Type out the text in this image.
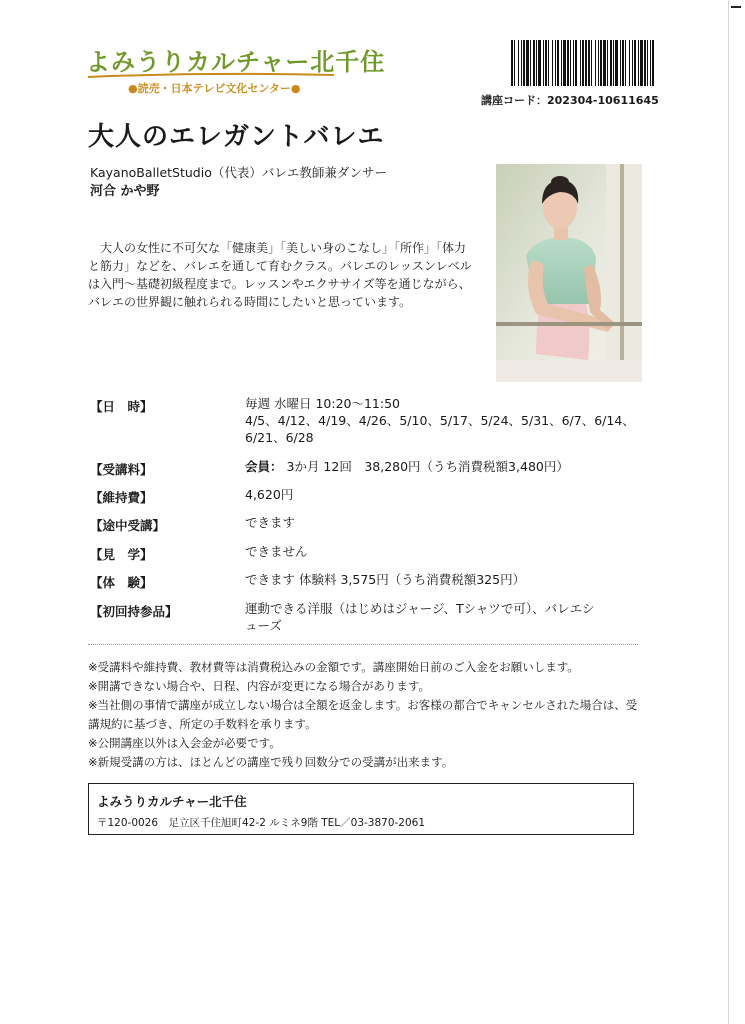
よみうりカルチャー北千住
●読売・日本テレビ文化センター●
講座コード：202304-10611645
大人のエレガントバレエ
KayanoBalletStudio（代表）バレエ教師兼ダンサー
河合 かや野

大人の女性に不可欠な「健康美」「美しい身のこなし」「所作」「体力と筋力」などを、バレエを通して育むクラス。バレエのレッスンレベルは入門～基礎初級程度まで。レッスンやエクササイズ等を通じながら、バレエの世界観に触れられる時間にしたいと思っています。

【日　時】	毎週 水曜日 10:20～11:50
4/5、4/12、4/19、4/26、5/10、5/17、5/24、5/31、6/7、6/14、6/21、6/28
【受講料】	会員： 3か月 12回　38,280円（うち消費税額3,480円）
【維持費】	4,620円
【途中受講】	できます
【見　学】	できません
【体　験】	できます 体験料 3,575円（うち消費税額325円）
【初回持参品】	運動できる洋服（はじめはジャージ、Tシャツで可）、バレエシューズ
※受講料や維持費、教材費等は消費税込みの金額です。講座開始日前のご入金をお願いします。
※開講できない場合や、日程、内容が変更になる場合があります。
※当社側の事情で講座が成立しない場合は全額を返金します。お客様の都合でキャンセルされた場合は、受講規約に基づき、所定の手数料を承ります。
※公開講座以外は入会金が必要です。
※新規受講の方は、ほとんどの講座で残り回数分での受講が出来ます。
よみうりカルチャー北千住
〒120-0026　足立区千住旭町42-2 ルミネ9階 TEL／03-3870-2061
